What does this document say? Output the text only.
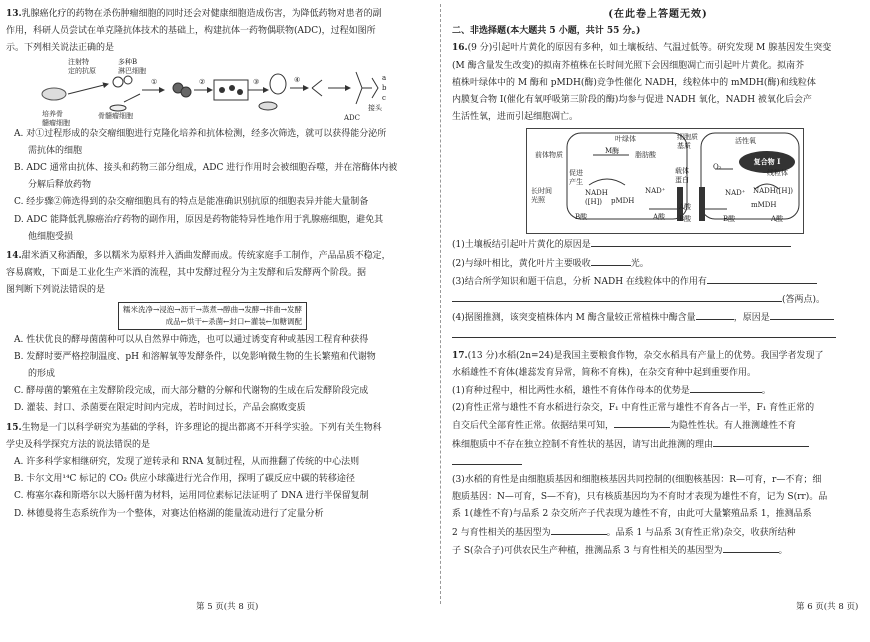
13.乳腺癌化疗的药物在杀伤肿瘤细胞的同时还会对健康细胞造成伤害，为降低药物对患者的副
作用，科研人员尝试在单克隆抗体技术的基础上，构建抗体一药物偶联物(ADC)，过程如图所
示。下列相关说法正确的是
注射特
定的抗原
多种B
淋巴细胞
骨髓瘤细胞
培养骨
髓瘤细胞
①	②	③	④	a
b
c
接头
ADC
A. 对①过程形成的杂交瘤细胞进行克隆化培养和抗体检测，经多次筛选，就可以获得能分泌所
需抗体的细胞
B. ADC 通常由抗体、接头和药物三部分组成，ADC 进行作用时会被细胞吞噬，并在溶酶体内被
分解后释放药物
C. 经步骤②筛选得到的杂交瘤细胞具有的特点是能准确识别抗原的细胞表异并能大量制备
D. ADC 能降低乳腺癌治疗药物的副作用，原因是药物能特异性地作用于乳腺癌细胞，避免其
他细胞受损
14.甜米酒又称酒酿，多以糯米为原料并入酒曲发酵而成。传统家庭手工制作，产品品质不稳定，
容易腐败，下面是工业化生产米酒的流程，其中发酵过程分为主发酵和后发酵两个阶段。据
图判断下列说法错误的是
糯米洗净→浸泡→沥干→蒸煮→醇曲→发酵→拌曲→发酵
成品←烘干←杀菌←封口←灌装←加糖调配
A. 性状优良的酵母菌菌种可以从自然界中筛选，也可以通过诱变育种或基因工程育种获得
B. 发酵时要严格控制温度、pH 和溶解氧等发酵条件，以免影响微生物的生长繁殖和代谢物
的形成
C. 酵母菌的繁殖在主发酵阶段完成，而大部分糖的分解和代谢物的生成在后发酵阶段完成
D. 灌装、封口、杀菌要在限定时间内完成，若时间过长，产品会腐败变质
15.生物是一门以科学研究为基础的学科，许多理论的提出都离不开科学实验。下列有关生物科
学史及科学探究方法的说法错误的是
A. 许多科学家相继研究，发现了逆转录和 RNA 复制过程，从而推翻了传统的中心法则
B. 卡尔文用¹⁴C 标记的 CO₂ 供应小球藻进行光合作用，探明了碳反应中碳的转移途径
C. 梅塞尔森和斯塔尔以大肠杆菌为材料，运用同位素标记法证明了 DNA 进行半保留复制
D. 林德曼将生态系统作为一个整体，对赛达伯格湖的能量流动进行了定量分析
第 5 页(共 8 页)
(在此卷上答题无效)
二、非选择题(本大题共 5 小题，共计 55 分。)
16.(9 分)引起叶片黄化的原因有多种，如土壤板结、气温过低等。研究发现 M 腺基因发生突变
(M 酶含量发生改变)的拟南芥植株在长时间光照下会因细胞凋亡而引起叶片黄化。拟南芥
植株叶绿体中的 M 酶和 pMDH(酶)竞争性催化 NADH，线粒体中的 mMDH(酶)和线粒体
内膜复合物 I(催化有氧呼吸第三阶段的酶)均参与促进 NADH 氧化，NADH 被氧化后会产
生活性氧，进而引起细胞凋亡。
叶绿体
前体物质	M酶 脂肪酸
促进
产生
长时间
光照
NADH
([H])	pMDH
NAD⁺
B酸	A酸
细胞质
基质
载体
蛋白
A酸
B酸
活性氧
O₂
复合物 I
线粒体
NAD⁺ NADH([H])
mMDH
B酸	A酸
(1)土壤板结引起叶片黄化的原因是
(2)与绿叶相比，黄化叶片主要吸收	光。
(3)结合所学知识和题干信息，分析 NADH 在线粒体中的作用有
(答两点)。
(4)据图推测，该突变植株体内 M 酶含量较正常植株中酶含量	，原因是
17.(13 分)水稻(2n=24)是我国主要粮食作物，杂交水稻具有产量上的优势。我国学者发现了
水稻雄性不育体(雄蕊发育异常，简称不育株)，在杂交育种中起到重要作用。
(1)育种过程中，相比两性水稻，雄性不育体作母本的优势是	。
(2)育性正常与雄性不育水稻进行杂交，F₁ 中育性正常与雄性不育各占一半，F₁ 育性正常的
自交后代全部育性正常。依据结果可知，	为隐性性状。有人推测雄性不育
株细胞质中不存在独立控制不育性状的基因，请写出此推测的理由
(3)水稻的育性是由细胞质基因和细胞核基因共同控制的(细胞核基因：R—可育，r—不育；细
胞质基因：N—可育，S—不育)，只有核质基因均为不育时才表现为雄性不育，记为 S(rr)。品
系 1(雄性不育)与品系 2 杂交所产子代表现为雄性不育，由此可大量繁殖品系 1，推测品系
2 与育性相关的基因型为	。品系 1 与品系 3(育性正常)杂交，收获所结种
子 S(杂合子)可供农民生产种植，推测品系 3 与育性相关的基因型为	。
第 6 页(共 8 页)
